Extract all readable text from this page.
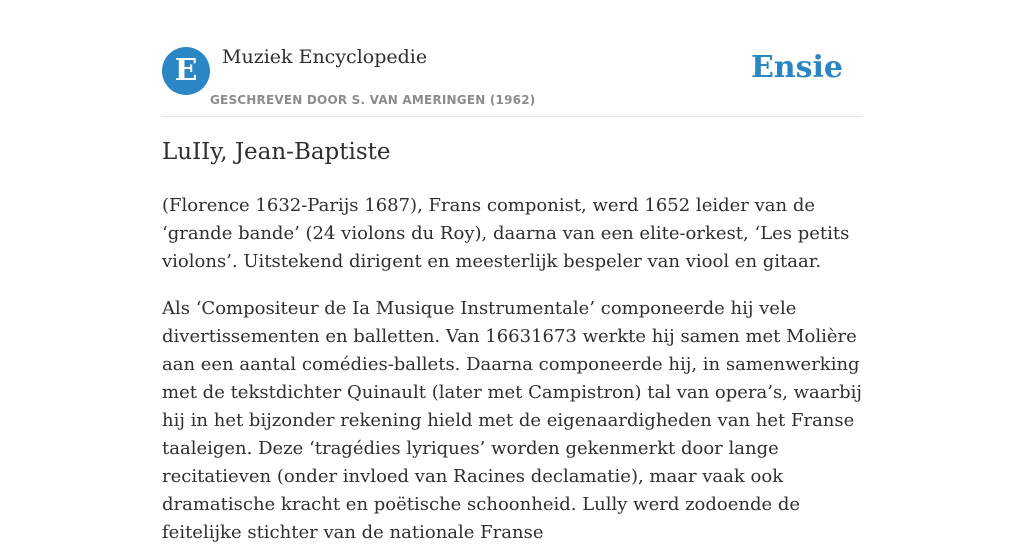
E	Muziek Encyclopedie
GESCHREVEN DOOR S. VAN AMERINGEN (1962)
Ensie
LuIIy, Jean-Baptiste

(Florence 1632-Parijs 1687), Frans componist, werd 1652 leider van de ‘grande bande’ (24 violons du Roy), daarna van een elite-orkest, ‘Les petits violons’. Uitstekend dirigent en meesterlijk bespeler van viool en gitaar.

Als ‘Compositeur de Ia Musique Instrumentale’ componeerde hij vele divertissementen en balletten. Van 16631673 werkte hij samen met Molière aan een aantal comédies-ballets. Daarna componeerde hij, in samenwerking met de tekstdichter Quinault (later met Campistron) tal van opera’s, waarbij hij in het bijzonder rekening hield met de eigenaardigheden van het Franse taaleigen. Deze ‘tragédies lyriques’ worden gekenmerkt door lange recitatieven (onder invloed van Racines declamatie), maar vaak ook dramatische kracht en poëtische schoonheid. Lully werd zodoende de feitelijke stichter van de nationale Franse
